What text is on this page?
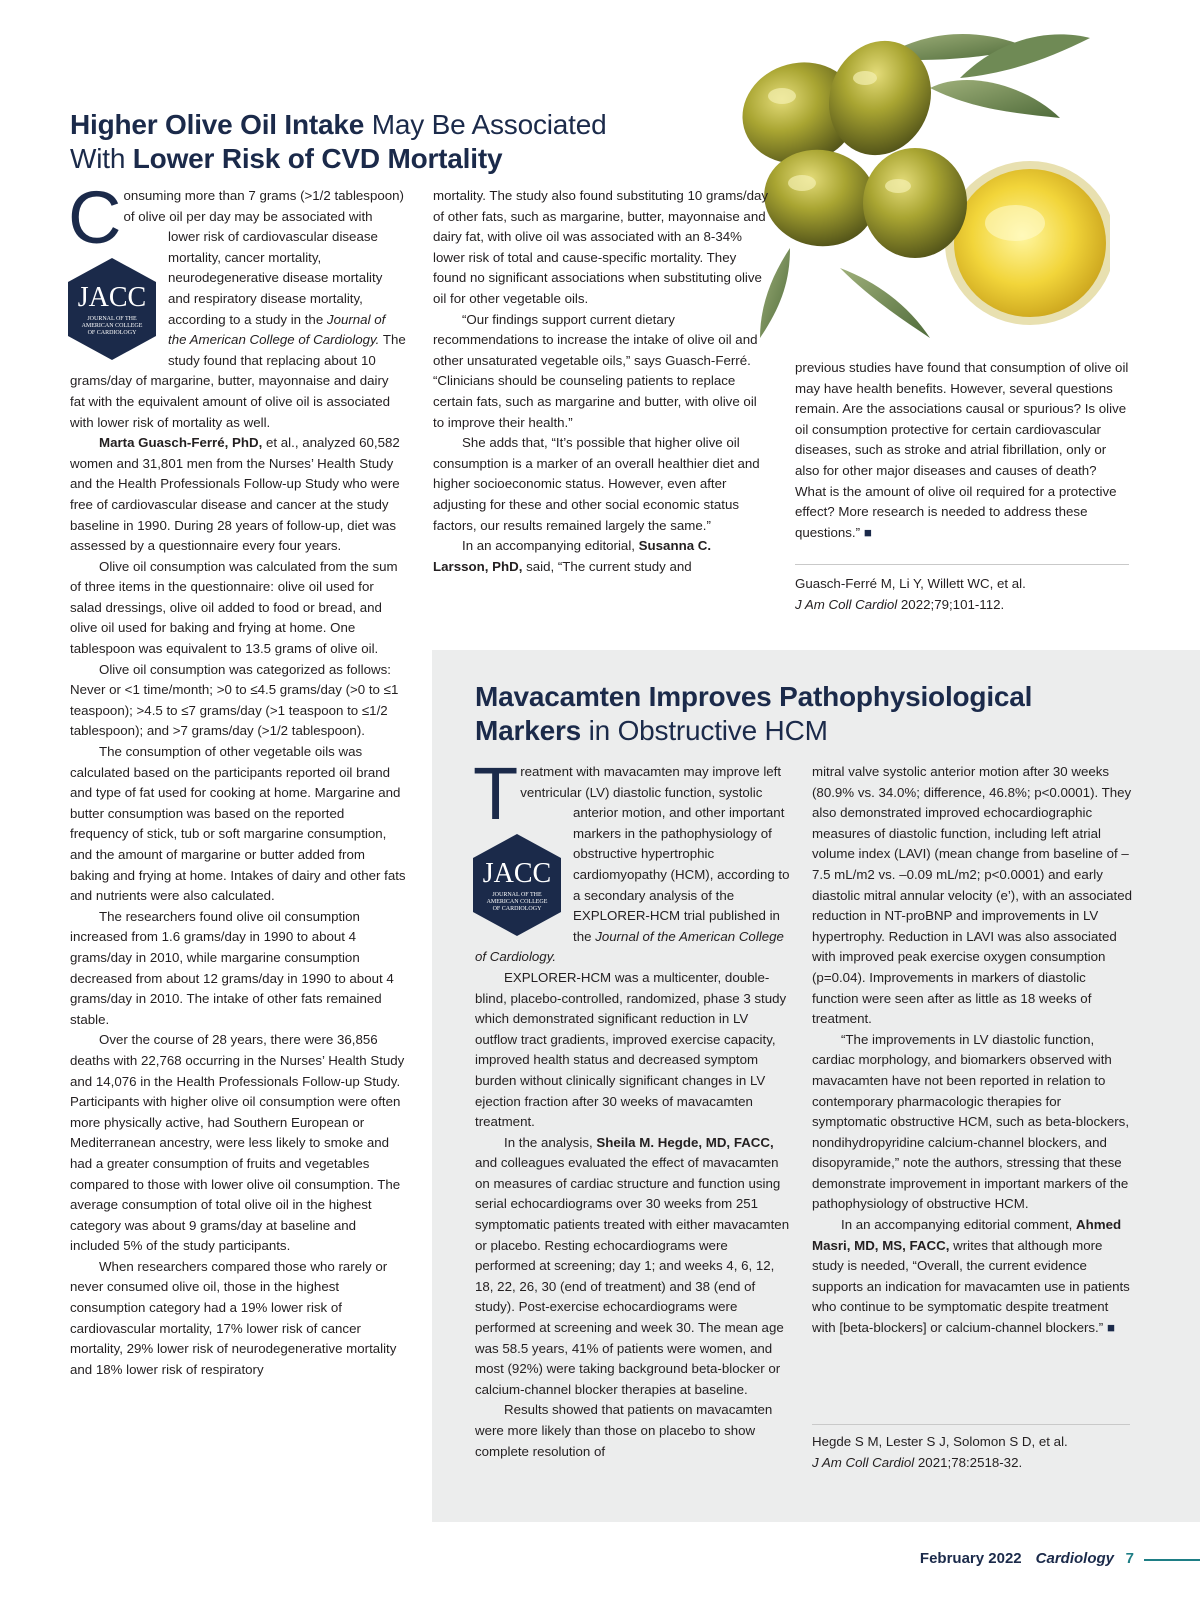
Higher Olive Oil Intake May Be Associated
With Lower Risk of CVD Mortality
C
JACC
JOURNAL OF THE
AMERICAN COLLEGE
OF CARDIOLOGY

onsuming more than 7 grams (>1/2 tablespoon) of olive oil per day may be associated with lower risk of cardiovascular disease mortality, cancer mortality, neurodegenerative disease mortality and respiratory disease mortality, according to a study in the Journal of the American College of Cardiology. The study found that replacing about 10 grams/day of margarine, butter, mayonnaise and dairy fat with the equivalent amount of olive oil is associated with lower risk of mortality as well.

Marta Guasch-Ferré, PhD, et al., analyzed 60,582 women and 31,801 men from the Nurses’ Health Study and the Health Professionals Follow-up Study who were free of cardiovascular disease and cancer at the study baseline in 1990. During 28 years of follow-up, diet was assessed by a questionnaire every four years.

Olive oil consumption was calculated from the sum of three items in the questionnaire: olive oil used for salad dressings, olive oil added to food or bread, and olive oil used for baking and frying at home. One tablespoon was equivalent to 13.5 grams of olive oil.

Olive oil consumption was categorized as follows: Never or <1 time/month; >0 to ≤4.5 grams/day (>0 to ≤1 teaspoon); >4.5 to ≤7 grams/day (>1 teaspoon to ≤1/2 tablespoon); and >7 grams/day (>1/2 tablespoon).

The consumption of other vegetable oils was calculated based on the participants reported oil brand and type of fat used for cooking at home. Margarine and butter consumption was based on the reported frequency of stick, tub or soft margarine consumption, and the amount of margarine or butter added from baking and frying at home. Intakes of dairy and other fats and nutrients were also calculated.

The researchers found olive oil consumption increased from 1.6 grams/day in 1990 to about 4 grams/day in 2010, while margarine consumption decreased from about 12 grams/day in 1990 to about 4 grams/day in 2010. The intake of other fats remained stable.

Over the course of 28 years, there were 36,856 deaths with 22,768 occurring in the Nurses’ Health Study and 14,076 in the Health Professionals Follow-up Study. Participants with higher olive oil consumption were often more physically active, had Southern European or Mediterranean ancestry, were less likely to smoke and had a greater consumption of fruits and vegetables compared to those with lower olive oil consumption. The average consumption of total olive oil in the highest category was about 9 grams/day at baseline and included 5% of the study participants.

When researchers compared those who rarely or never consumed olive oil, those in the highest consumption category had a 19% lower risk of cardiovascular mortality, 17% lower risk of cancer mortality, 29% lower risk of neurodegenerative mortality and 18% lower risk of respiratory

mortality. The study also found substituting 10 grams/day of other fats, such as margarine, butter, mayonnaise and dairy fat, with olive oil was associated with an 8-34% lower risk of total and cause-specific mortality. They found no significant associations when substituting olive oil for other vegetable oils.

“Our findings support current dietary recommendations to increase the intake of olive oil and other unsaturated vegetable oils,” says Guasch-Ferré. “Clinicians should be counseling patients to replace certain fats, such as margarine and butter, with olive oil to improve their health.”

She adds that, “It’s possible that higher olive oil consumption is a marker of an overall healthier diet and higher socioeconomic status. However, even after adjusting for these and other social economic status factors, our results remained largely the same.”

In an accompanying editorial, Susanna C. Larsson, PhD, said, “The current study and

previous studies have found that consumption of olive oil may have health benefits. However, several questions remain. Are the associations causal or spurious? Is olive oil consumption protective for certain cardiovascular diseases, such as stroke and atrial fibrillation, only or also for other major diseases and causes of death? What is the amount of olive oil required for a protective effect? More research is needed to address these questions.” ■

Guasch-Ferré M, Li Y, Willett WC, et al.
J Am Coll Cardiol 2022;79;101-112.
Mavacamten Improves Pathophysiological
Markers in Obstructive HCM
T
JACC
JOURNAL OF THE
AMERICAN COLLEGE
OF CARDIOLOGY

reatment with mavacamten may improve left ventricular (LV) diastolic function, systolic anterior motion, and other important markers in the pathophysiology of obstructive hypertrophic cardiomyopathy (HCM), according to a secondary analysis of the EXPLORER-HCM trial published in the Journal of the American College of Cardiology.

EXPLORER-HCM was a multicenter, double-blind, placebo-controlled, randomized, phase 3 study which demonstrated significant reduction in LV outflow tract gradients, improved exercise capacity, improved health status and decreased symptom burden without clinically significant changes in LV ejection fraction after 30 weeks of mavacamten treatment.

In the analysis, Sheila M. Hegde, MD, FACC, and colleagues evaluated the effect of mavacamten on measures of cardiac structure and function using serial echocardiograms over 30 weeks from 251 symptomatic patients treated with either mavacamten or placebo. Resting echocardiograms were performed at screening; day 1; and weeks 4, 6, 12, 18, 22, 26, 30 (end of treatment) and 38 (end of study). Post-exercise echocardiograms were performed at screening and week 30. The mean age was 58.5 years, 41% of patients were women, and most (92%) were taking background beta-blocker or calcium-channel blocker therapies at baseline.

Results showed that patients on mavacamten were more likely than those on placebo to show complete resolution of

mitral valve systolic anterior motion after 30 weeks (80.9% vs. 34.0%; difference, 46.8%; p<0.0001). They also demonstrated improved echocardiographic measures of diastolic function, including left atrial volume index (LAVI) (mean change from baseline of –7.5 mL/m2 vs. –0.09 mL/m2; p<0.0001) and early diastolic mitral annular velocity (e’), with an associated reduction in NT-proBNP and improvements in LV hypertrophy. Reduction in LAVI was also associated with improved peak exercise oxygen consumption (p=0.04). Improvements in markers of diastolic function were seen after as little as 18 weeks of treatment.

“The improvements in LV diastolic function, cardiac morphology, and biomarkers observed with mavacamten have not been reported in relation to contemporary pharmacologic therapies for symptomatic obstructive HCM, such as beta-blockers, nondihydropyridine calcium-channel blockers, and disopyramide,” note the authors, stressing that these demonstrate improvement in important markers of the pathophysiology of obstructive HCM.

In an accompanying editorial comment, Ahmed Masri, MD, MS, FACC, writes that although more study is needed, “Overall, the current evidence supports an indication for mavacamten use in patients who continue to be symptomatic despite treatment with [beta-blockers] or calcium-channel blockers.” ■

Hegde S M, Lester S J, Solomon S D, et al.
J Am Coll Cardiol 2021;78:2518-32.
February 2022 Cardiology 7
